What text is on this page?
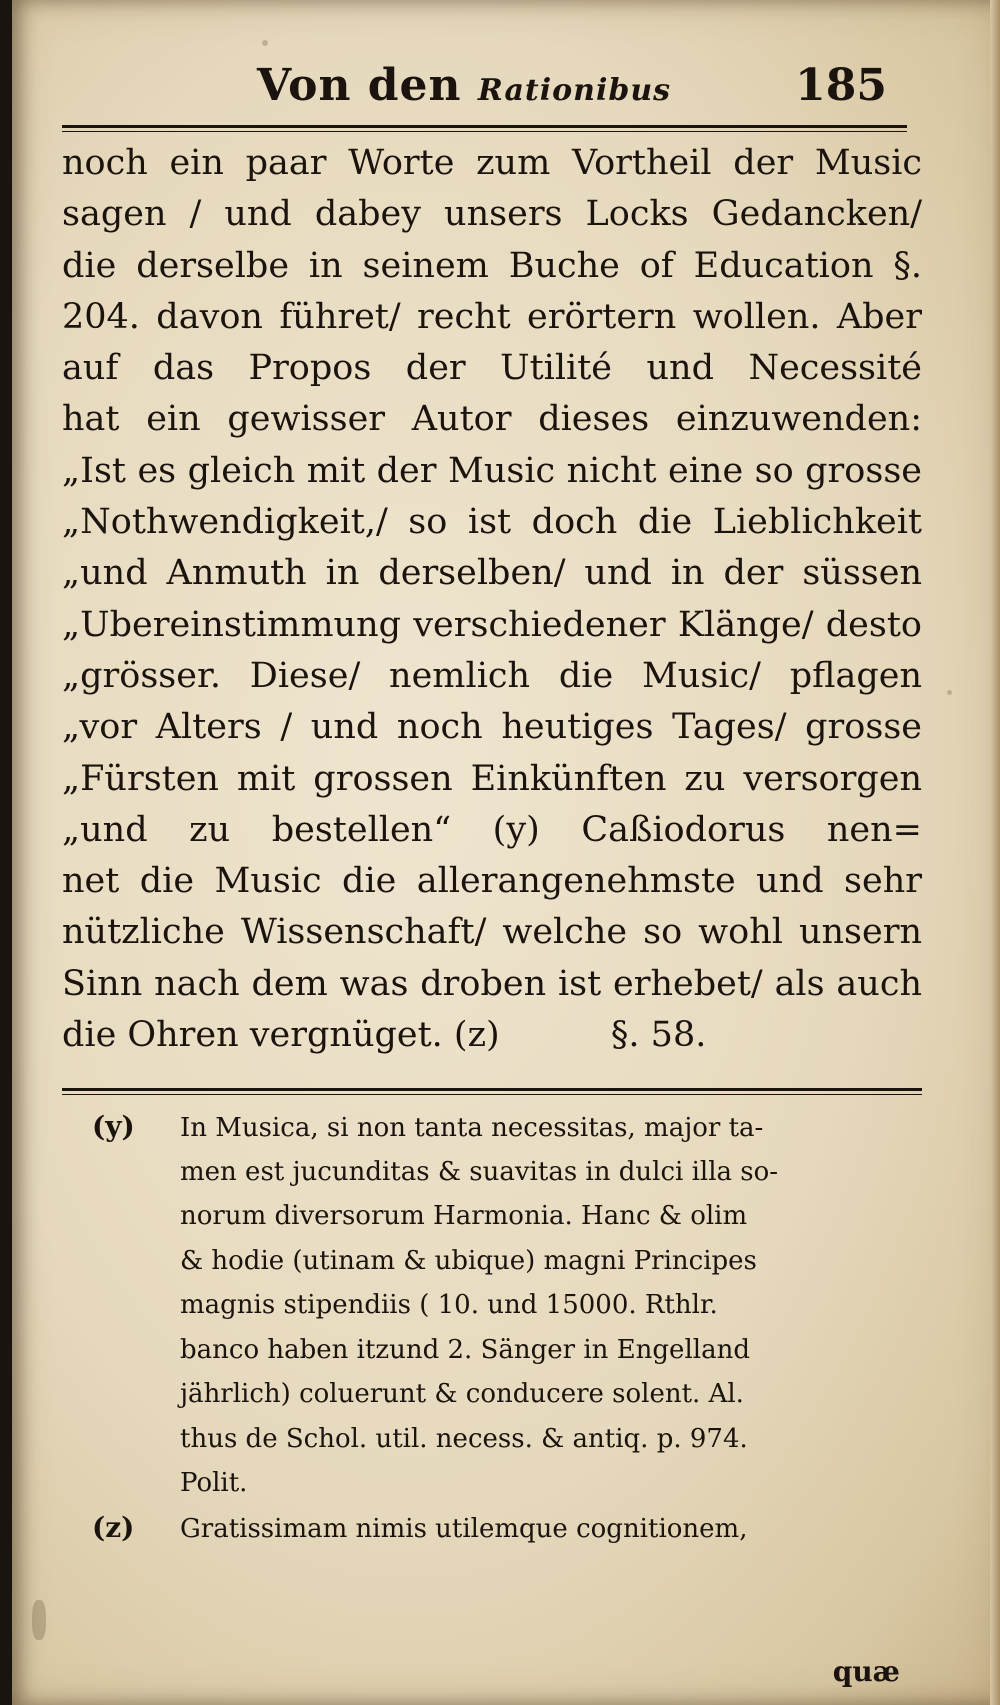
Von den Rationibus	185
noch ein paar Worte zum Vortheil der Music
sagen / und dabey unsers Locks Gedancken/
die derselbe in seinem Buche of Education §.
204. davon führet/ recht erörtern wollen. Aber
auf das Propos der Utilité und Necessité
hat ein gewisser Autor dieses einzuwenden:
„Ist es gleich mit der Music nicht eine so grosse
„Nothwendigkeit,/ so ist doch die Lieblichkeit
„und Anmuth in derselben/ und in der süssen
„Ubereinstimmung verschiedener Klänge/ desto
„grösser. Diese/ nemlich die Music/ pflagen
„vor Alters / und noch heutiges Tages/ grosse
„Fürsten mit grossen Einkünften zu versorgen
„und zu bestellen“ (y) Caßiodorus nen=
net die Music die allerangenehmste und sehr
nützliche Wissenschaft/ welche so wohl unsern
Sinn nach dem was droben ist erhebet/ als auch
die Ohren vergnüget. (z)          §. 58.
(y) In Musica, si non tanta necessitas, major ta-
men est jucunditas & suavitas in dulci illa so-
norum diversorum Harmonia. Hanc & olim
& hodie (utinam & ubique) magni Principes
magnis stipendiis ( 10. und 15000. Rthlr.
banco haben itzund 2. Sänger in Engelland
jährlich) coluerunt & conducere solent. Al.
thus de Schol. util. necess. & antiq. p. 974.
Polit.
(z) Gratissimam nimis utilemque cognitionem,
quæ
